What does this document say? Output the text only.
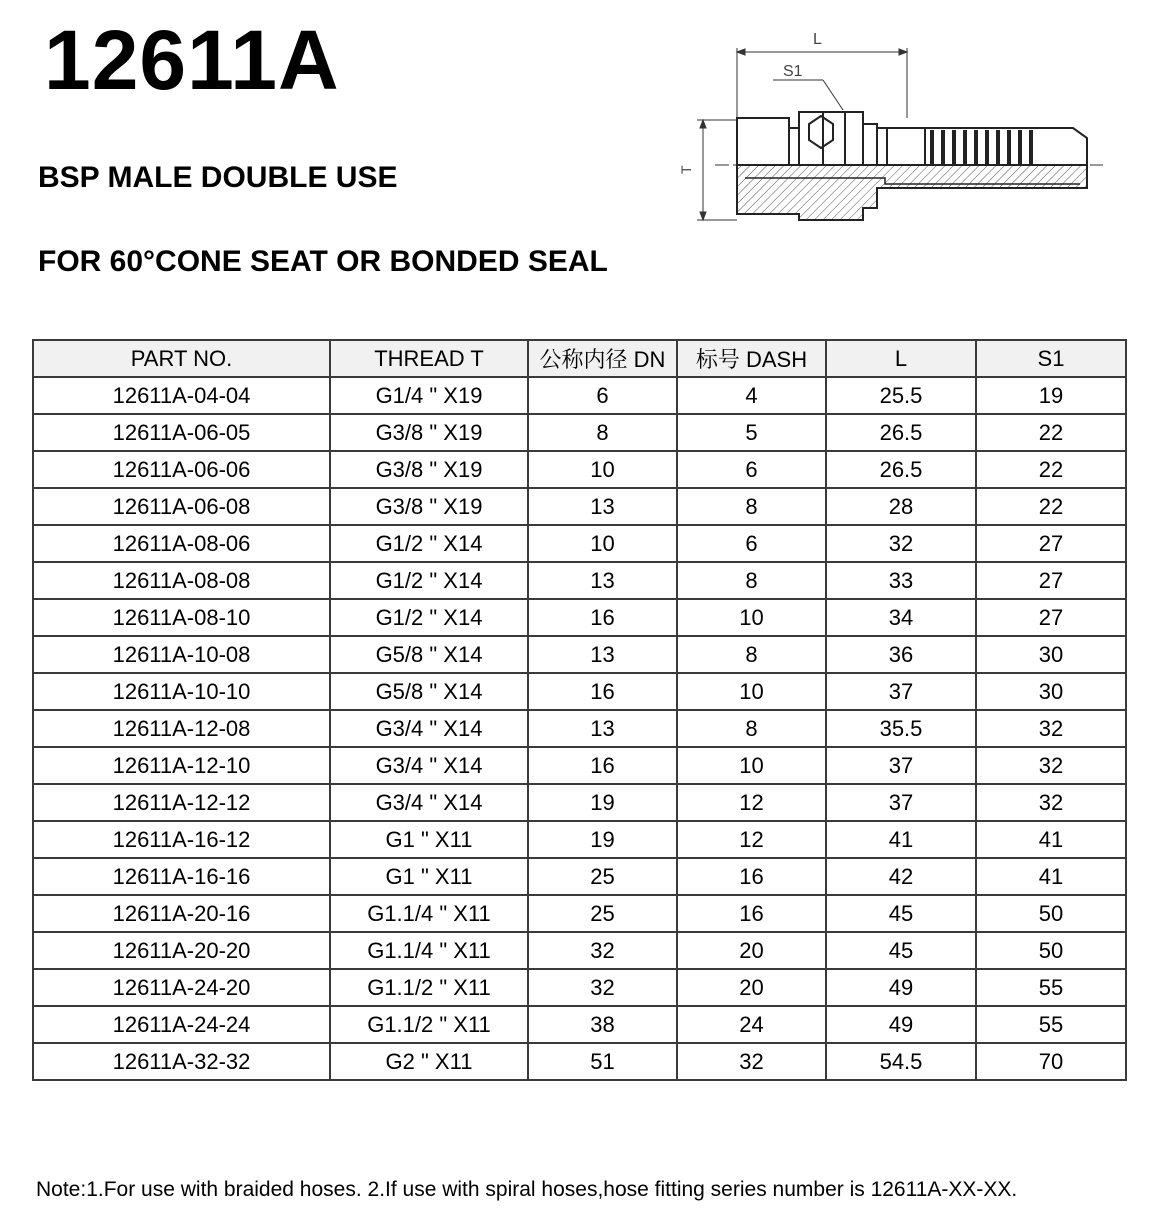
12611A
BSP MALE DOUBLE USE
FOR 60°CONE SEAT OR BONDED SEAL
L
S1
T
PART NO.	THREAD T	公称内径 DN	标号 DASH	L	S1
12611A-04-04	G1/4 " X19	6	4	25.5	19
12611A-06-05	G3/8 " X19	8	5	26.5	22
12611A-06-06	G3/8 " X19	10	6	26.5	22
12611A-06-08	G3/8 " X19	13	8	28	22
12611A-08-06	G1/2 " X14	10	6	32	27
12611A-08-08	G1/2 " X14	13	8	33	27
12611A-08-10	G1/2 " X14	16	10	34	27
12611A-10-08	G5/8 " X14	13	8	36	30
12611A-10-10	G5/8 " X14	16	10	37	30
12611A-12-08	G3/4 " X14	13	8	35.5	32
12611A-12-10	G3/4 " X14	16	10	37	32
12611A-12-12	G3/4 " X14	19	12	37	32
12611A-16-12	G1 " X11	19	12	41	41
12611A-16-16	G1 " X11	25	16	42	41
12611A-20-16	G1.1/4 " X11	25	16	45	50
12611A-20-20	G1.1/4 " X11	32	20	45	50
12611A-24-20	G1.1/2 " X11	32	20	49	55
12611A-24-24	G1.1/2 " X11	38	24	49	55
12611A-32-32	G2 " X11	51	32	54.5	70

Note:1.For use with braided hoses. 2.If use with spiral hoses,hose fitting series number is 12611A-XX-XX.
